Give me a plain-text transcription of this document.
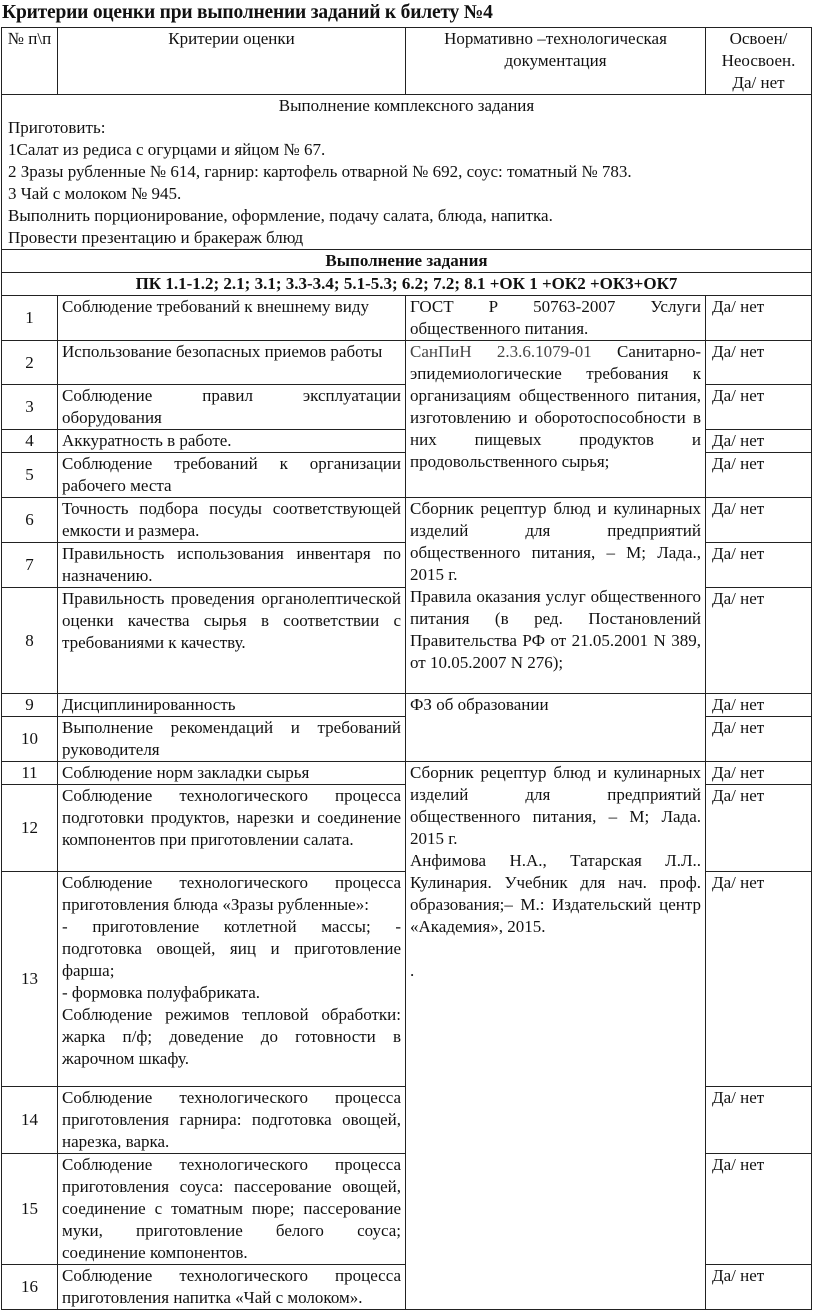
Критерии оценки при выполнении заданий к билету №4
№ п\п	Критерии оценки	Нормативно –технологическая документация	Освоен/ Неосвоен. Да/ нет

Выполнение комплексного задания
Приготовить:
1Салат из редиса с огурцами и яйцом № 67.
2 Зразы рубленные № 614, гарнир: картофель отварной № 692, соус: томатный № 783.
3 Чай с молоком № 945.
Выполнить порционирование, оформление, подачу салата, блюда, напитка.
Провести презентацию и бракераж блюд

Выполнение задания			
ПК 1.1-1.2; 2.1; 3.1; 3.3-3.4; 5.1-5.3; 6.2; 7.2; 8.1 +ОК 1 +ОК2 +ОК3+ОК7			
1	Соблюдение требований к внешнему виду	ГОСТ Р 50763-2007 Услуги общественного питания.	Да/ нет
2	Использование безопасных приемов работы	СанПиН 2.3.6.1079-01 Санитарно-эпидемиологические требования к организациям общественного питания, изготовлению и оборотоспособности в них пищевых продуктов и продовольственного сырья;	Да/ нет
3	Соблюдение правил эксплуатации оборудования		Да/ нет
4	Аккуратность в работе.		Да/ нет
5	Соблюдение требований к организации рабочего места		Да/ нет
6	Точность подбора посуды соответствующей емкости и размера.	Сборник рецептур блюд и кулинарных изделий для предприятий общественного питания, – М; Лада., 2015 г.
Правила оказания услуг общественного питания (в ред. Постановлений Правительства РФ от 21.05.2001 N 389, от 10.05.2007 N 276);	Да/ нет
7	Правильность использования инвентаря по назначению.		Да/ нет
8	Правильность проведения органолептической оценки качества сырья в соответствии с требованиями к качеству.		Да/ нет
9	Дисциплинированность	ФЗ об образовании	Да/ нет
10	Выполнение рекомендаций и требований руководителя		Да/ нет
11	Соблюдение норм закладки сырья	Сборник рецептур блюд и кулинарных изделий для предприятий общественного питания, – М; Лада. 2015 г.
Анфимова Н.А., Татарская Л.Л.. Кулинария. Учебник для нач. проф. образования;– М.: Издательский центр «Академия», 2015.
.	Да/ нет
12	Соблюдение технологического процесса подготовки продуктов, нарезки и соединение компонентов при приготовлении салата.		Да/ нет
13	Соблюдение технологического процесса приготовления блюда «Зразы рубленные»:
- приготовление котлетной массы; - подготовка овощей, яиц и приготовление фарша;
- формовка полуфабриката.
Соблюдение режимов тепловой обработки: жарка п/ф; доведение до готовности в жарочном шкафу.		Да/ нет
14	Соблюдение технологического процесса приготовления гарнира: подготовка овощей, нарезка, варка.		Да/ нет
15	Соблюдение технологического процесса приготовления соуса: пассерование овощей, соединение с томатным пюре; пассерование муки, приготовление белого соуса; соединение компонентов.		Да/ нет
16	Соблюдение технологического процесса приготовления напитка «Чай с молоком».		Да/ нет
